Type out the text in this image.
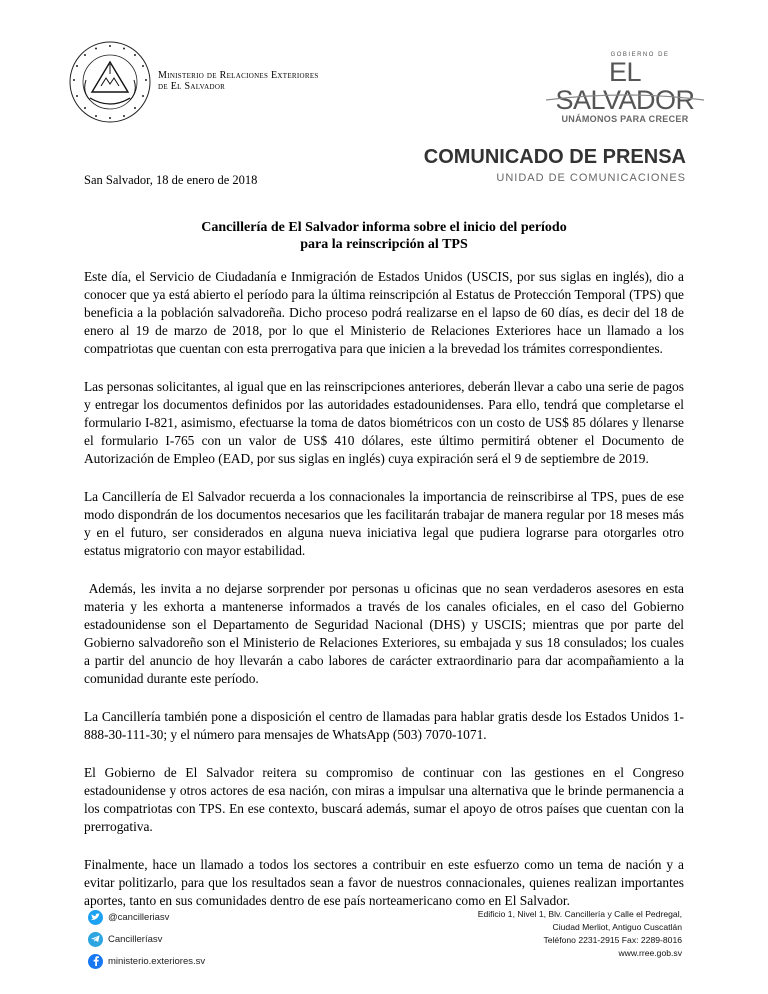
Ministerio de Relaciones Exteriores
de El Salvador
GOBIERNO DE
EL SALVADOR
UNÁMONOS PARA CRECER
COMUNICADO DE PRENSA
UNIDAD DE COMUNICACIONES
San Salvador, 18 de enero de 2018
Cancillería de El Salvador informa sobre el inicio del período
para la reinscripción al TPS

Este día, el Servicio de Ciudadanía e Inmigración de Estados Unidos (USCIS, por sus siglas en inglés), dio a conocer que ya está abierto el período para la última reinscripción al Estatus de Protección Temporal (TPS) que beneficia a la población salvadoreña. Dicho proceso podrá realizarse en el lapso de 60 días, es decir del 18 de enero al 19 de marzo de 2018, por lo que el Ministerio de Relaciones Exteriores hace un llamado a los compatriotas que cuentan con esta prerrogativa para que inicien a la brevedad los trámites correspondientes.

Las personas solicitantes, al igual que en las reinscripciones anteriores, deberán llevar a cabo una serie de pagos y entregar los documentos definidos por las autoridades estadounidenses. Para ello, tendrá que completarse el formulario I-821, asimismo, efectuarse la toma de datos biométricos con un costo de US$ 85 dólares y llenarse el formulario I-765 con un valor de US$ 410 dólares, este último permitirá obtener el Documento de Autorización de Empleo (EAD, por sus siglas en inglés) cuya expiración será el 9 de septiembre de 2019.

La Cancillería de El Salvador recuerda a los connacionales la importancia de reinscribirse al TPS, pues de ese modo dispondrán de los documentos necesarios que les facilitarán trabajar de manera regular por 18 meses más y en el futuro, ser considerados en alguna nueva iniciativa legal que pudiera lograrse para otorgarles otro estatus migratorio con mayor estabilidad.

Además, les invita a no dejarse sorprender por personas u oficinas que no sean verdaderos asesores en esta materia y les exhorta a mantenerse informados a través de los canales oficiales, en el caso del Gobierno estadounidense son el Departamento de Seguridad Nacional (DHS) y USCIS; mientras que por parte del Gobierno salvadoreño son el Ministerio de Relaciones Exteriores, su embajada y sus 18 consulados; los cuales a partir del anuncio de hoy llevarán a cabo labores de carácter extraordinario para dar acompañamiento a la comunidad durante este período.

La Cancillería también pone a disposición el centro de llamadas para hablar gratis desde los Estados Unidos 1-888-30-111-30; y el número para mensajes de WhatsApp (503) 7070-1071.

El Gobierno de El Salvador reitera su compromiso de continuar con las gestiones en el Congreso estadounidense y otros actores de esa nación, con miras a impulsar una alternativa que le brinde permanencia a los compatriotas con TPS. En ese contexto, buscará además, sumar el apoyo de otros países que cuentan con la prerrogativa.

Finalmente, hace un llamado a todos los sectores a contribuir en este esfuerzo como un tema de nación y a evitar politizarlo, para que los resultados sean a favor de nuestros connacionales, quienes realizan importantes aportes, tanto en sus comunidades dentro de ese país norteamericano como en El Salvador.

@cancilleriasv
Cancilleríasv
ministerio.exteriores.sv
Edificio 1, Nivel 1, Blv. Cancillería y Calle el Pedregal,
Ciudad Merliot, Antiguo Cuscatlán
Teléfono 2231-2915 Fax: 2289-8016
www.rree.gob.sv
